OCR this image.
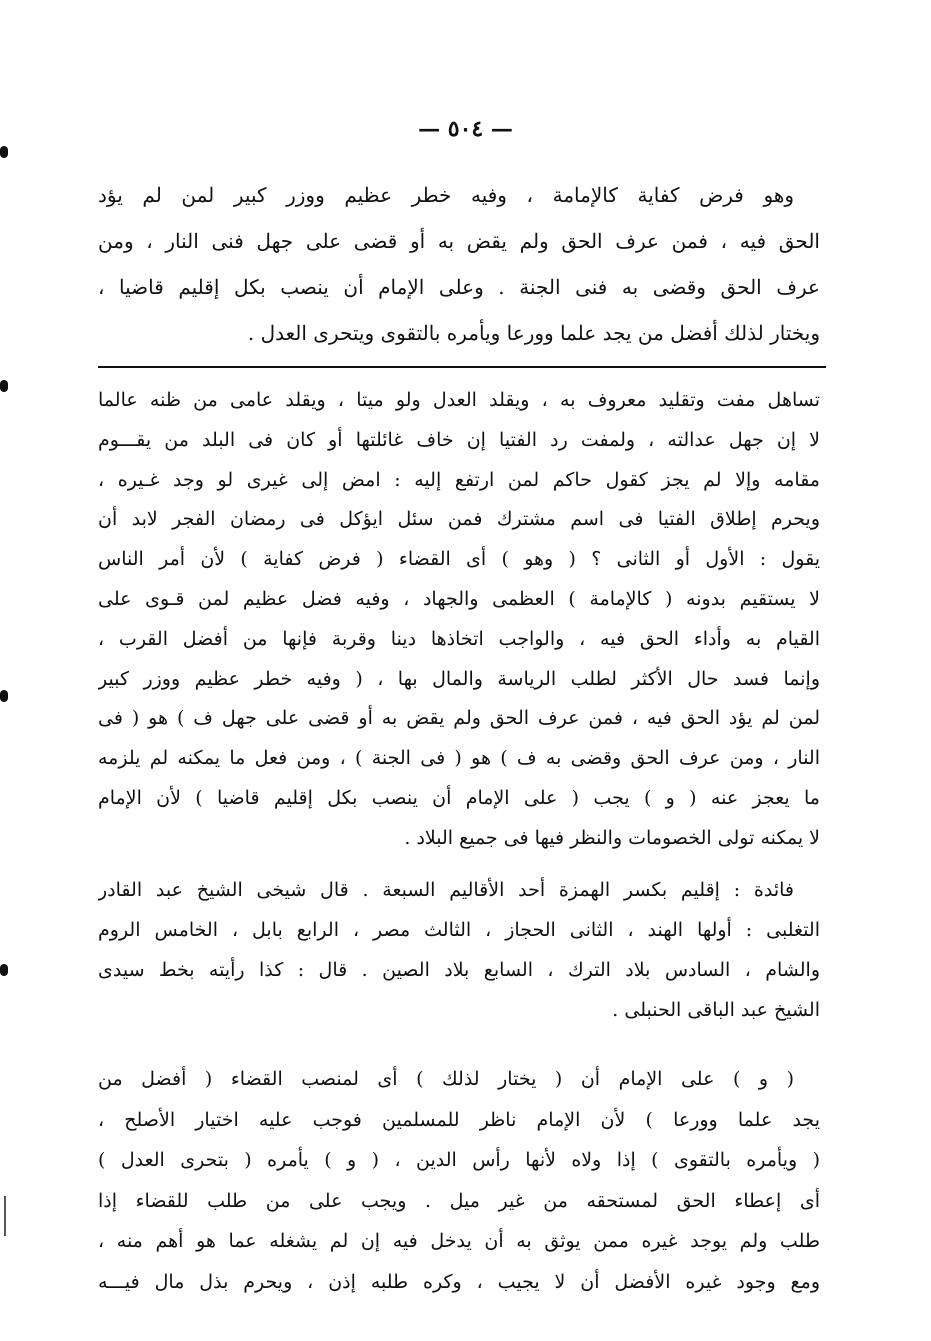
— ٥٠٤ —
وهو فرض كفاية كالإمامة ، وفيه خطر عظيم ووزر كبير لمن لم يؤد
الحق فيه ، فمن عرف الحق ولم يقض به أو قضى على جهل فنى النار ، ومن
عرف الحق وقضى به فنى الجنة . وعلى الإمام أن ينصب بكل إقليم قاضيا ،
ويختار لذلك أفضل من يجد علما وورعا ويأمره بالتقوى ويتحرى العدل .
تساهل مفت وتقليد معروف به ، ويقلد العدل ولو ميتا ، ويقلد عامى من ظنه عالما
لا إن جهل عدالته ، ولمفت رد الفتيا إن خاف غائلتها أو كان فى البلد من يقـــوم
مقامه وإلا لم يجز كقول حاكم لمن ارتفع إليه : امض إلى غيرى لو وجد غـيره ،
ويحرم إطلاق الفتيا فى اسم مشترك فمن سئل ايؤكل فى رمضان الفجر لابد أن
يقول : الأول أو الثانى ؟ ( وهو ) أى القضاء ( فرض كفاية ) لأن أمر الناس
لا يستقيم بدونه ( كالإمامة ) العظمى والجهاد ، وفيه فضل عظيم لمن قـوى على
القيام به وأداء الحق فيه ، والواجب اتخاذها دينا وقربة فإنها من أفضل القرب ،
وإنما فسد حال الأكثر لطلب الرياسة والمال بها ، ( وفيه خطر عظيم ووزر كبير
لمن لم يؤد الحق فيه ، فمن عرف الحق ولم يقض به أو قضى على جهل ف ) هو ( فى
النار ، ومن عرف الحق وقضى به ف ) هو ( فى الجنة ) ، ومن فعل ما يمكنه لم يلزمه
ما يعجز عنه ( و ) يجب ( على الإمام أن ينصب بكل إقليم قاضيا ) لأن الإمام
لا يمكنه تولى الخصومات والنظر فيها فى جميع البلاد .
فائدة : إقليم بكسر الهمزة أحد الأقاليم السبعة . قال شيخى الشيخ عبد القادر
التغلبى : أولها الهند ، الثانى الحجاز ، الثالث مصر ، الرابع بابل ، الخامس الروم
والشام ، السادس بلاد الترك ، السابع بلاد الصين . قال : كذا رأيته بخط سيدى
الشيخ عبد الباقى الحنبلى .
( و ) على الإمام أن ( يختار لذلك ) أى لمنصب القضاء ( أفضل من
يجد علما وورعا ) لأن الإمام ناظر للمسلمين فوجب عليه اختيار الأصلح ،
( ويأمره بالتقوى ) إذا ولاه لأنها رأس الدين ، ( و ) يأمره ( بتحرى العدل )
أى إعطاء الحق لمستحقه من غير ميل . ويجب على من طلب للقضاء إذا
طلب ولم يوجد غيره ممن يوثق به أن يدخل فيه إن لم يشغله عما هو أهم منه ،
ومع وجود غيره الأفضل أن لا يجيب ، وكره طلبه إذن ، ويحرم بذل مال فيـــه
